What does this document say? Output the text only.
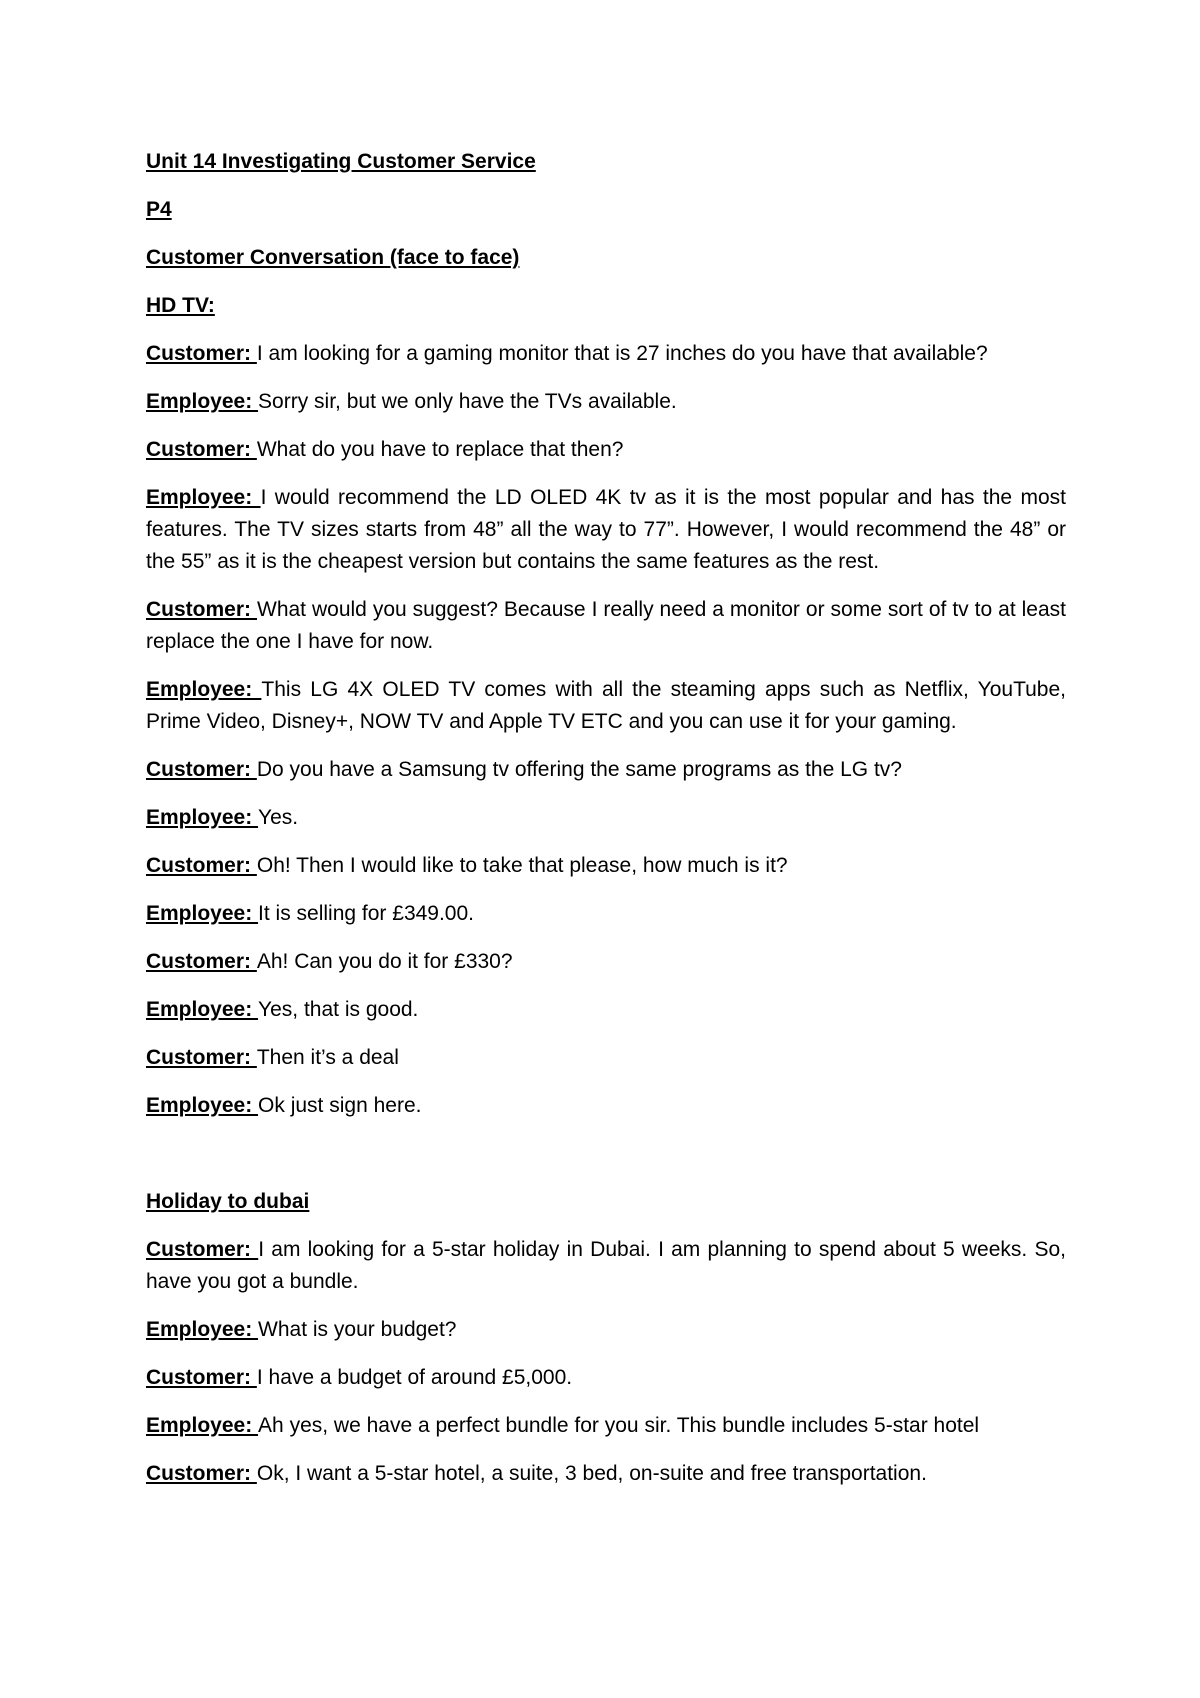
Unit 14 Investigating Customer Service
P4
Customer Conversation (face to face)
HD TV:

Customer: I am looking for a gaming monitor that is 27 inches do you have that available?

Employee: Sorry sir, but we only have the TVs available.

Customer: What do you have to replace that then?

Employee: I would recommend the LD OLED 4K tv as it is the most popular and has the most features. The TV sizes starts from 48” all the way to 77”. However, I would recommend the 48” or the 55” as it is the cheapest version but contains the same features as the rest.

Customer: What would you suggest? Because I really need a monitor or some sort of tv to at least replace the one I have for now.

Employee: This LG 4X OLED TV comes with all the steaming apps such as Netflix, YouTube, Prime Video, Disney+, NOW TV and Apple TV ETC and you can use it for your gaming.

Customer: Do you have a Samsung tv offering the same programs as the LG tv?

Employee: Yes.

Customer: Oh! Then I would like to take that please, how much is it?

Employee: It is selling for £349.00.

Customer: Ah! Can you do it for £330?

Employee: Yes, that is good.

Customer: Then it’s a deal

Employee: Ok just sign here.

Holiday to dubai

Customer: I am looking for a 5-star holiday in Dubai. I am planning to spend about 5 weeks. So, have you got a bundle.

Employee: What is your budget?

Customer: I have a budget of around £5,000.

Employee: Ah yes, we have a perfect bundle for you sir. This bundle includes 5-star hotel

Customer: Ok, I want a 5-star hotel, a suite, 3 bed, on-suite and free transportation.
